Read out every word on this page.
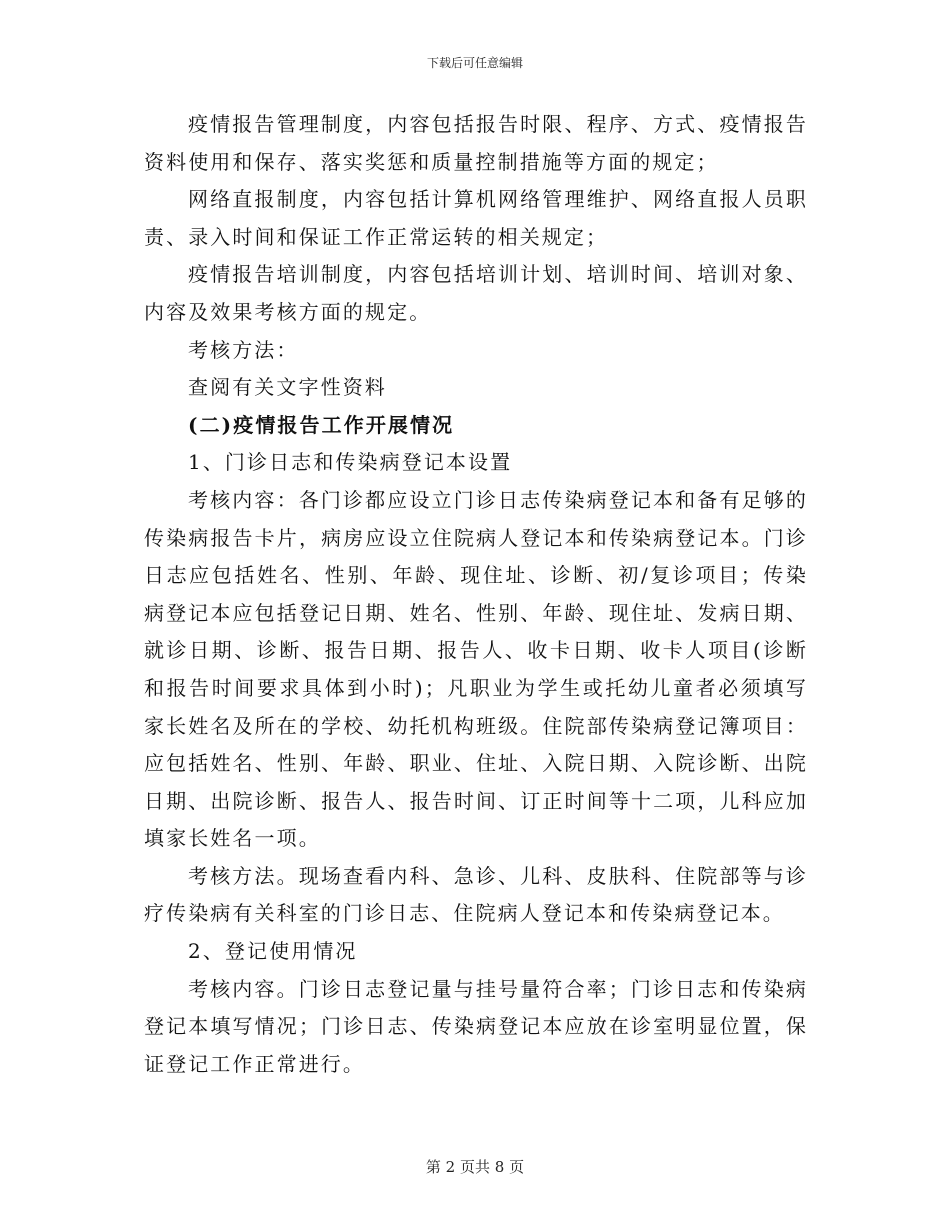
下载后可任意编辑

疫情报告管理制度，内容包括报告时限、程序、方式、疫情报告资料使用和保存、落实奖惩和质量控制措施等方面的规定；

网络直报制度，内容包括计算机网络管理维护、网络直报人员职责、录入时间和保证工作正常运转的相关规定；

疫情报告培训制度，内容包括培训计划、培训时间、培训对象、内容及效果考核方面的规定。

考核方法：

查阅有关文字性资料

(二)疫情报告工作开展情况

1、门诊日志和传染病登记本设置

考核内容：各门诊都应设立门诊日志传染病登记本和备有足够的传染病报告卡片，病房应设立住院病人登记本和传染病登记本。门诊日志应包括姓名、性别、年龄、现住址、诊断、初/复诊项目；传染病登记本应包括登记日期、姓名、性别、年龄、现住址、发病日期、就诊日期、诊断、报告日期、报告人、收卡日期、收卡人项目(诊断和报告时间要求具体到小时)；凡职业为学生或托幼儿童者必须填写家长姓名及所在的学校、幼托机构班级。住院部传染病登记簿项目：应包括姓名、性别、年龄、职业、住址、入院日期、入院诊断、出院日期、出院诊断、报告人、报告时间、订正时间等十二项，儿科应加填家长姓名一项。

考核方法。现场查看内科、急诊、儿科、皮肤科、住院部等与诊疗传染病有关科室的门诊日志、住院病人登记本和传染病登记本。

2、登记使用情况

考核内容。门诊日志登记量与挂号量符合率；门诊日志和传染病登记本填写情况；门诊日志、传染病登记本应放在诊室明显位置，保证登记工作正常进行。

第 2 页共 8 页
